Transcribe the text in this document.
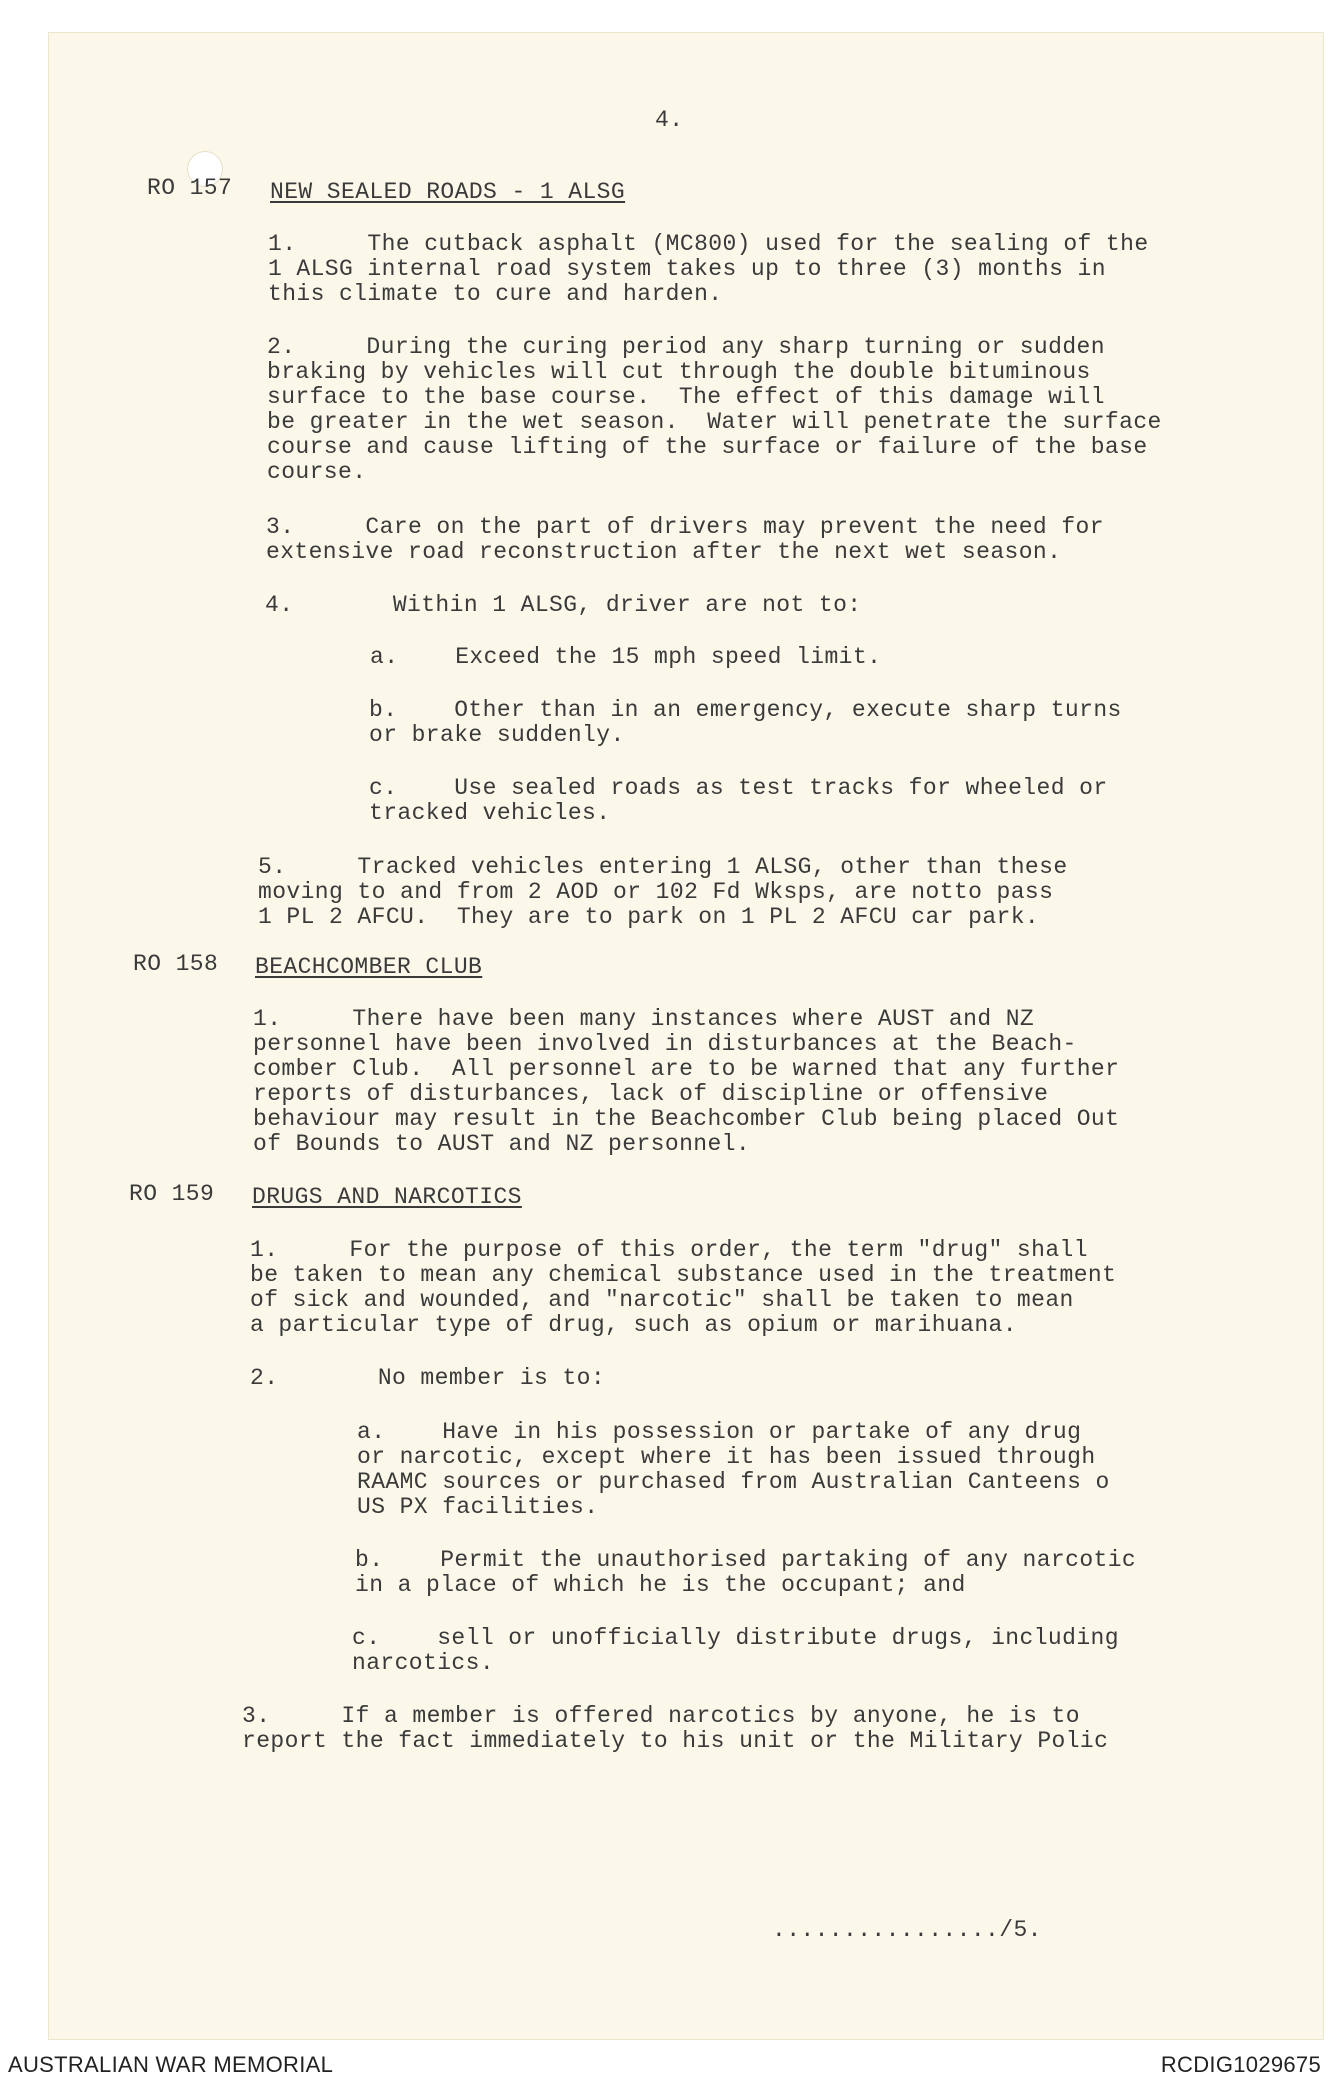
4.
RO 157 NEW SEALED ROADS - 1 ALSG
1.     The cutback asphalt (MC800) used for the sealing of the
1 ALSG internal road system takes up to three (3) months in
this climate to cure and harden.
2.     During the curing period any sharp turning or sudden
braking by vehicles will cut through the double bituminous
surface to the base course.  The effect of this damage will
be greater in the wet season.  Water will penetrate the surface
course and cause lifting of the surface or failure of the base
course.
3.     Care on the part of drivers may prevent the need for
extensive road reconstruction after the next wet season.
4.       Within 1 ALSG, driver are not to:
a.    Exceed the 15 mph speed limit.
b.    Other than in an emergency, execute sharp turns
or brake suddenly.
c.    Use sealed roads as test tracks for wheeled or
tracked vehicles.
5.     Tracked vehicles entering 1 ALSG, other than these
moving to and from 2 AOD or 102 Fd Wksps, are notto pass
1 PL 2 AFCU.  They are to park on 1 PL 2 AFCU car park.
RO 158 BEACHCOMBER CLUB
1.     There have been many instances where AUST and NZ
personnel have been involved in disturbances at the Beach-
comber Club.  All personnel are to be warned that any further
reports of disturbances, lack of discipline or offensive
behaviour may result in the Beachcomber Club being placed Out
of Bounds to AUST and NZ personnel.
RO 159 DRUGS AND NARCOTICS
1.     For the purpose of this order, the term "drug" shall
be taken to mean any chemical substance used in the treatment
of sick and wounded, and "narcotic" shall be taken to mean
a particular type of drug, such as opium or marihuana.
2.       No member is to:
a.    Have in his possession or partake of any drug
or narcotic, except where it has been issued through
RAAMC sources or purchased from Australian Canteens o
US PX facilities.
b.    Permit the unauthorised partaking of any narcotic
in a place of which he is the occupant; and
c.    sell or unofficially distribute drugs, including
narcotics.
3.     If a member is offered narcotics by anyone, he is to
report the fact immediately to his unit or the Military Polic
................/5.
AUSTRALIAN WAR MEMORIAL	RCDIG1029675
